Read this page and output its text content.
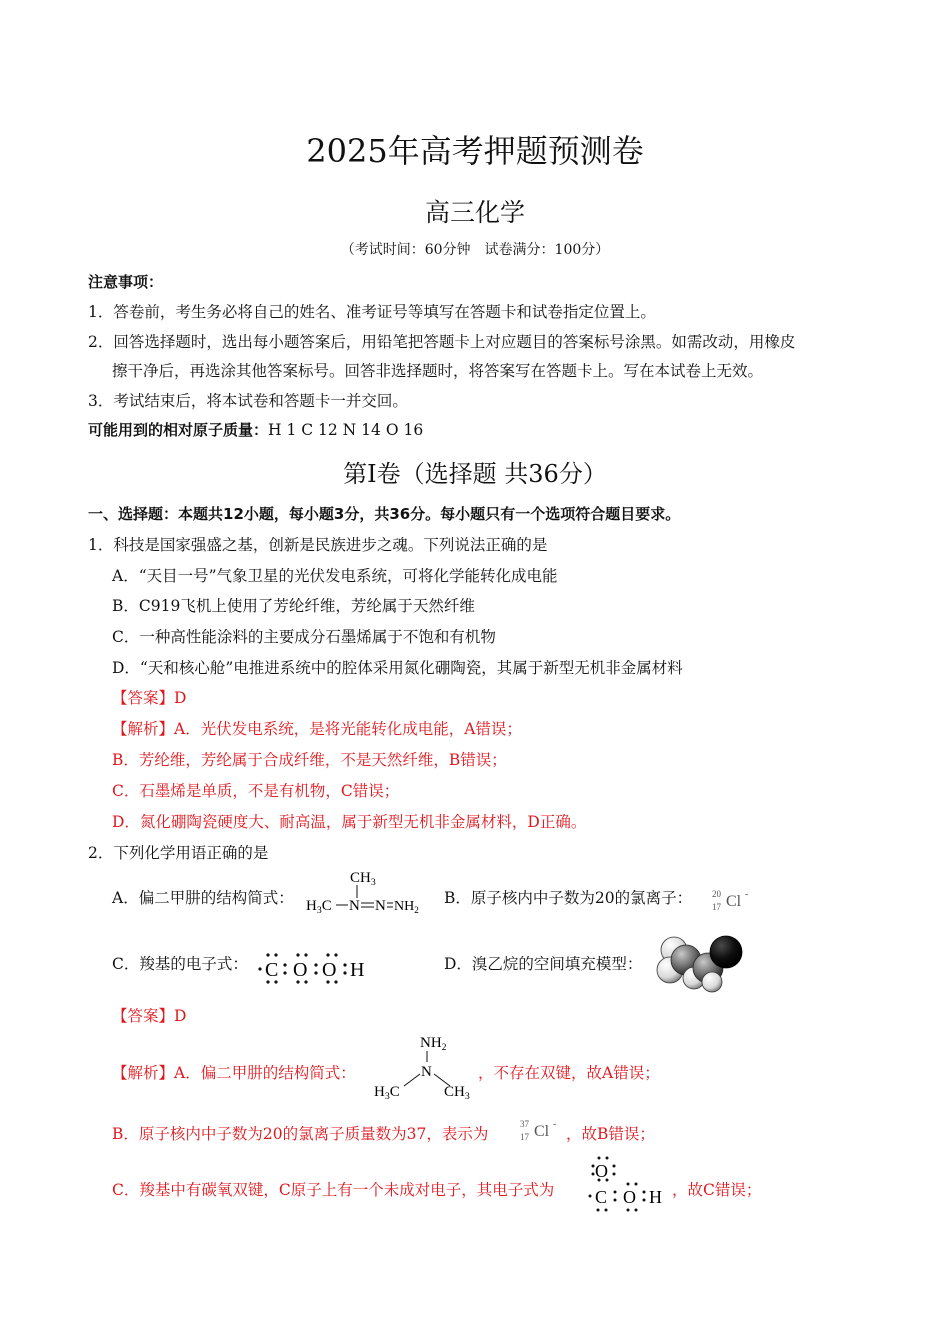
2025年高考押题预测卷
高三化学
（考试时间：60分钟　试卷满分：100分）
注意事项：
1．答卷前，考生务必将自己的姓名、准考证号等填写在答题卡和试卷指定位置上。
2．回答选择题时，选出每小题答案后，用铅笔把答题卡上对应题目的答案标号涂黑。如需改动，用橡皮
擦干净后，再选涂其他答案标号。回答非选择题时，将答案写在答题卡上。写在本试卷上无效。
3．考试结束后，将本试卷和答题卡一并交回。
可能用到的相对原子质量：H 1 C 12 N 14 O 16
第Ⅰ卷（选择题 共36分）
一、选择题：本题共12小题，每小题3分，共36分。每小题只有一个选项符合题目要求。
1．科技是国家强盛之基，创新是民族进步之魂。下列说法正确的是
A．“天目一号”气象卫星的光伏发电系统，可将化学能转化成电能
B．C919飞机上使用了芳纶纤维，芳纶属于天然纤维
C．一种高性能涂料的主要成分石墨烯属于不饱和有机物
D．“天和核心舱”电推进系统中的腔体采用氮化硼陶瓷，其属于新型无机非金属材料
【答案】D
【解析】A．光伏发电系统，是将光能转化成电能，A错误；
B．芳纶维，芳纶属于合成纤维，不是天然纤维，B错误；
C．石墨烯是单质，不是有机物，C错误；
D．氮化硼陶瓷硬度大、耐高温，属于新型无机非金属材料，D正确。
2．下列化学用语正确的是
A．偏二甲肼的结构简式：
$CH_3$
$H_3C$ N N $NH_2$
B．原子核内中子数为20的氯离子： 20
17 Cl -
C．羧基的电子式： C O O H	D．溴乙烷的空间填充模型：
【答案】D
【解析】A．偏二甲肼的结构简式：
$NH_2$
N
$H_3C$	$CH_3$
，不存在双键，故A错误；
B．原子核内中子数为20的氯离子质量数为37，表示为
37
17 Cl -
，故B错误；
C．羧基中有碳氧双键，C原子上有一个未成对电子，其电子式为
O
C O H ，故C错误；
